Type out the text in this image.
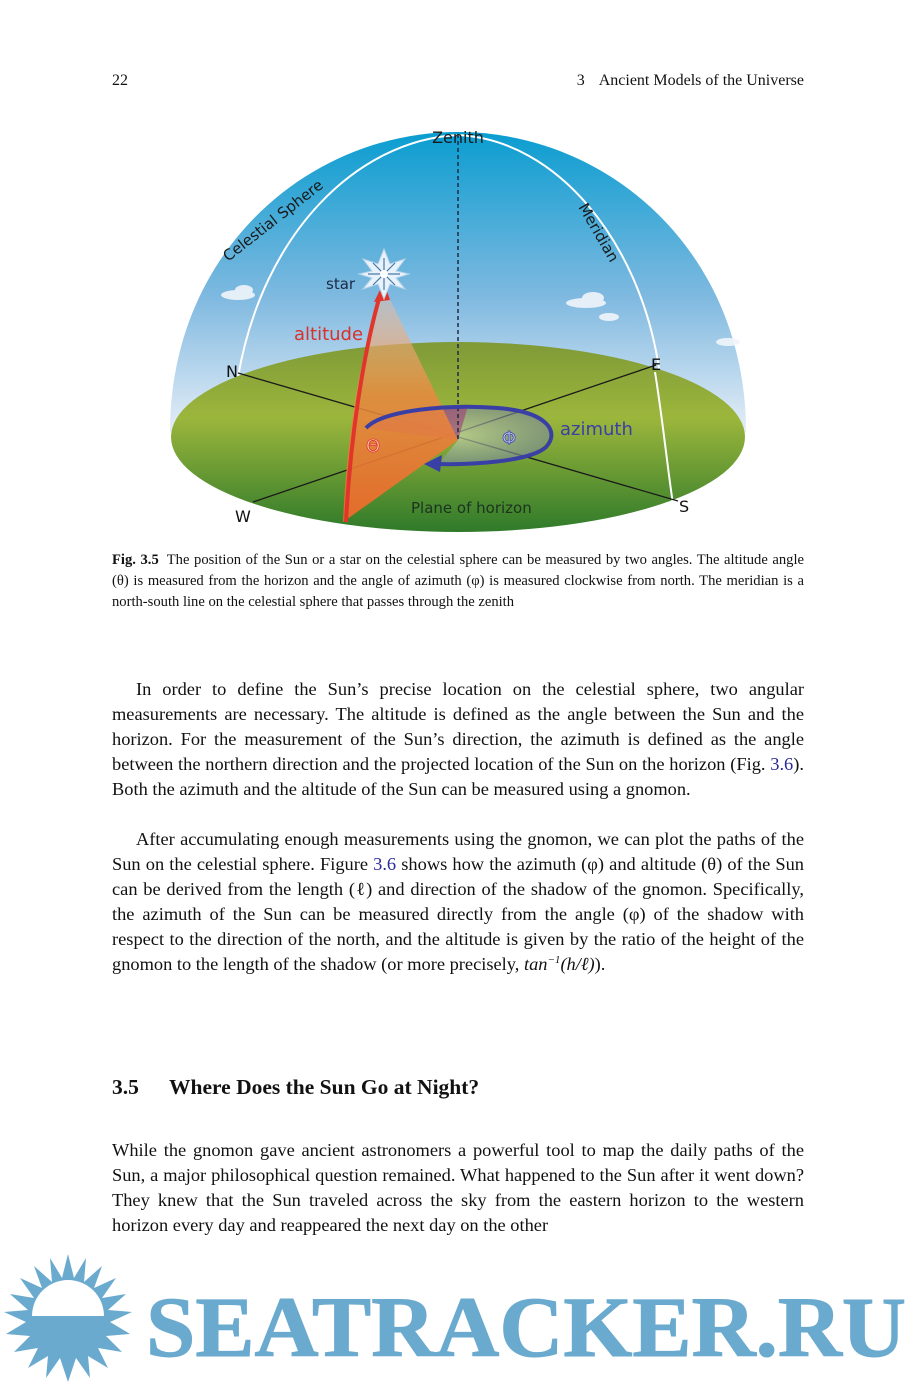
22	3 Ancient Models of the Universe
Zenith
Celestial Sphere	Meridian
star
altitude
azimuth
Plane of horizon
Θ	Φ
N	E
S
W
Fig. 3.5 The position of the Sun or a star on the celestial sphere can be measured by two angles. The altitude angle (θ) is measured from the horizon and the angle of azimuth (φ) is measured clockwise from north. The meridian is a north-south line on the celestial sphere that passes through the zenith
In order to define the Sun’s precise location on the celestial sphere, two angular measurements are necessary. The altitude is defined as the angle between the Sun and the horizon. For the measurement of the Sun’s direction, the azimuth is defined as the angle between the northern direction and the projected location of the Sun on the horizon (Fig. 3.6). Both the azimuth and the altitude of the Sun can be measured using a gnomon.
After accumulating enough measurements using the gnomon, we can plot the paths of the Sun on the celestial sphere. Figure 3.6 shows how the azimuth (φ) and altitude (θ) of the Sun can be derived from the length (ℓ) and direction of the shadow of the gnomon. Specifically, the azimuth of the Sun can be measured directly from the angle (φ) of the shadow with respect to the direction of the north, and the altitude is given by the ratio of the height of the gnomon to the length of the shadow (or more precisely, $\tan^{-1}(h/\ell)$).
3.5 Where Does the Sun Go at Night?
While the gnomon gave ancient astronomers a powerful tool to map the daily paths of the Sun, a major philosophical question remained. What happened to the Sun after it went down? They knew that the Sun traveled across the sky from the eastern horizon to the western horizon every day and reappeared the next day on the other
SEATRACKER.RU
